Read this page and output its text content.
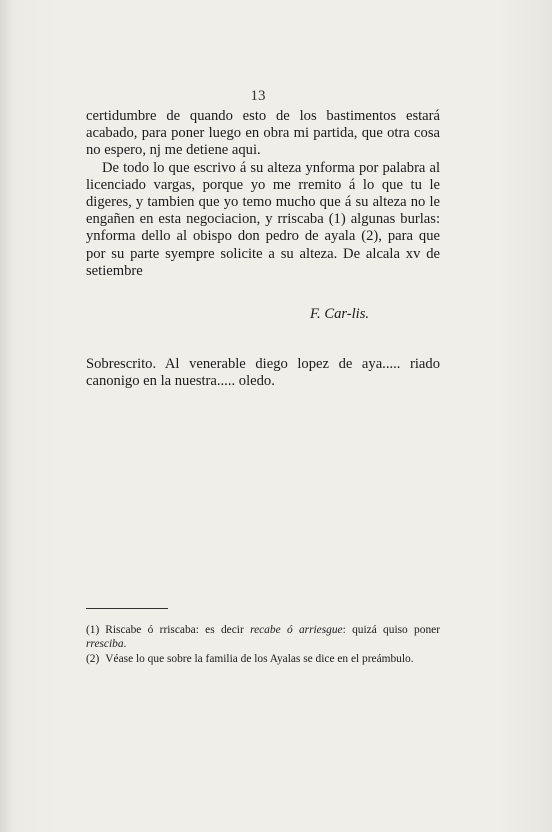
13

certidumbre de quando esto de los bastimentos estará acabado, para poner luego en obra mi partida, que otra cosa no espero, nj me detiene aqui.

De todo lo que escrivo á su alteza ynforma por palabra al licenciado vargas, porque yo me rremito á lo que tu le digeres, y tambien que yo temo mucho que á su alteza no le engañen en esta negociacion, y rriscaba (1) algunas burlas: ynforma dello al obispo don pedro de ayala (2), para que por su parte syempre solicite a su alteza. De alcala xv de setiembre

F. Car-lis.
Sobrescrito. Al venerable diego lopez de aya..... riado canonigo en la nuestra..... oledo.

(1) Riscabe ó rriscaba: es decir recabe ó arriesgue: quizá quiso poner rresciba.

(2) Véase lo que sobre la familia de los Ayalas se dice en el preámbulo.
